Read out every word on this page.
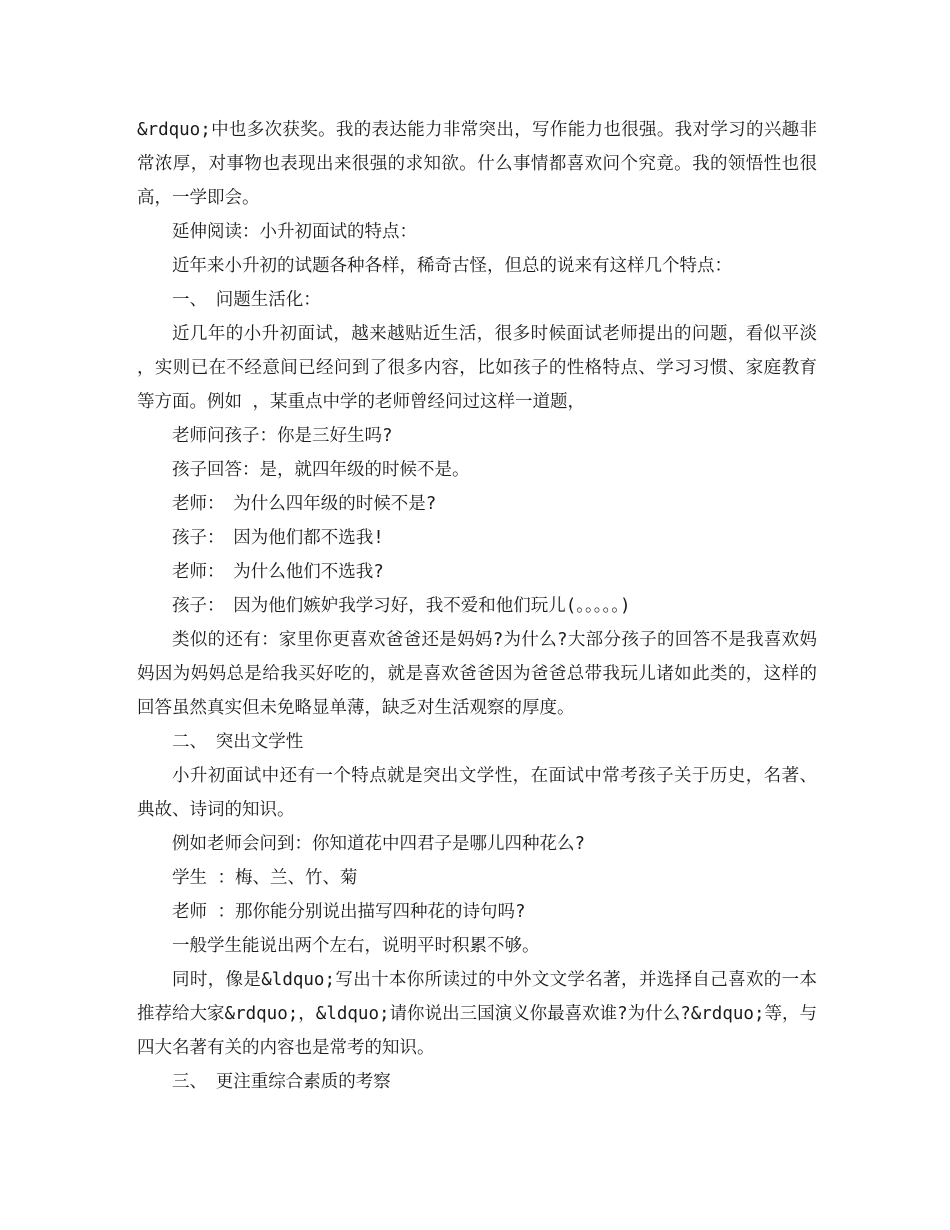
&rdquo;中也多次获奖。我的表达能力非常突出，写作能力也很强。我对学习的兴趣非常浓厚，对事物也表现出来很强的求知欲。什么事情都喜欢问个究竟。我的领悟性也很高，一学即会。

延伸阅读：小升初面试的特点：

近年来小升初的试题各种各样，稀奇古怪，但总的说来有这样几个特点：

一、　问题生活化：

近几年的小升初面试，越来越贴近生活，很多时候面试老师提出的问题，看似平淡，实则已在不经意间已经问到了很多内容，比如孩子的性格特点、学习习惯、家庭教育等方面。例如 ，某重点中学的老师曾经问过这样一道题，

老师问孩子：你是三好生吗?

孩子回答：是，就四年级的时候不是。

老师：　为什么四年级的时候不是?

孩子：　因为他们都不选我!

老师：　为什么他们不选我?

孩子：　因为他们嫉妒我学习好，我不爱和他们玩儿(。。。。。)

类似的还有：家里你更喜欢爸爸还是妈妈?为什么?大部分孩子的回答不是我喜欢妈妈因为妈妈总是给我买好吃的，就是喜欢爸爸因为爸爸总带我玩儿诸如此类的，这样的回答虽然真实但未免略显单薄，缺乏对生活观察的厚度。

二、　突出文学性

小升初面试中还有一个特点就是突出文学性，在面试中常考孩子关于历史，名著、典故、诗词的知识。

例如老师会问到：你知道花中四君子是哪儿四种花么?

学生 ：梅、兰、竹、菊

老师 ：那你能分别说出描写四种花的诗句吗?

一般学生能说出两个左右，说明平时积累不够。

同时，像是&ldquo;写出十本你所读过的中外文文学名著，并选择自己喜欢的一本推荐给大家&rdquo;，&ldquo;请你说出三国演义你最喜欢谁?为什么?&rdquo;等，与四大名著有关的内容也是常考的知识。

三、　更注重综合素质的考察
